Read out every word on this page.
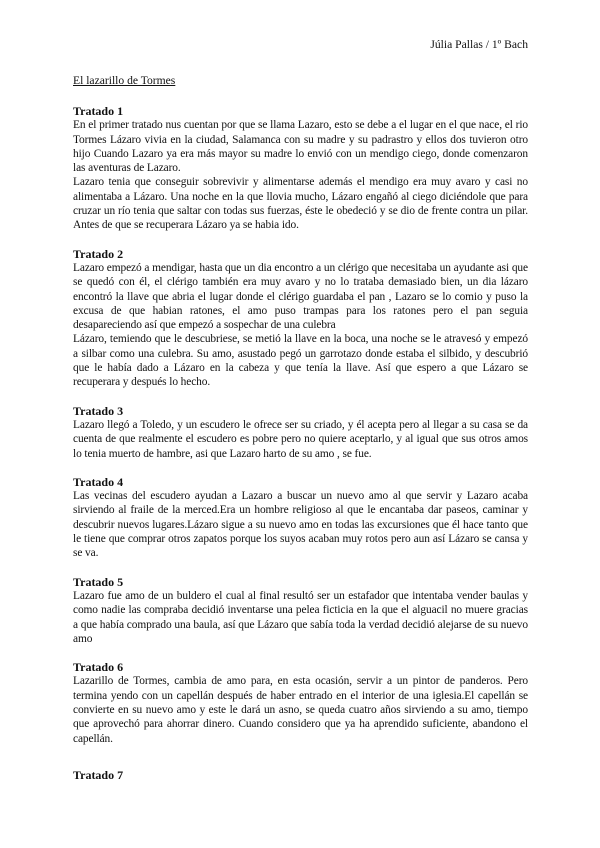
Júlia Pallas / 1º Bach
El lazarillo de Tormes
Tratado 1

En el primer tratado nus cuentan por que se llama Lazaro, esto se debe a el lugar en el que nace, el rio Tormes Lázaro vivia en la ciudad, Salamanca con su madre y su padrastro y ellos dos tuvieron otro hijo Cuando Lazaro ya era más mayor su madre lo envió con un mendigo ciego, donde comenzaron las aventuras de Lazaro.

Lazaro tenia que conseguir sobrevivir y alimentarse además el mendigo era muy avaro y casi no alimentaba a Lázaro. Una noche en la que llovia mucho, Lázaro engañó al ciego diciéndole que para cruzar un río tenia que saltar con todas sus fuerzas, éste le obedeció y se dio de frente contra un pilar. Antes de que se recuperara Lázaro ya se habia ido.

Tratado 2

Lazaro empezó a mendigar, hasta que un dia encontro a un clérigo que necesitaba un ayudante asi que se quedó con él, el clérigo también era muy avaro y no lo trataba demasiado bien, un dia lázaro encontró la llave que abria el lugar donde el clérigo guardaba el pan , Lazaro se lo comio y puso la excusa de que habian ratones, el amo puso trampas para los ratones pero el pan seguia desapareciendo así que empezó a sospechar de una culebra

Lázaro, temiendo que le descubriese, se metió la llave en la boca, una noche se le atravesó y empezó a silbar como una culebra. Su amo, asustado pegó un garrotazo donde estaba el silbido, y descubrió que le había dado a Lázaro en la cabeza y que tenía la llave. Así que espero a que Lázaro se recuperara y después lo hecho.

Tratado 3

Lazaro llegó a Toledo, y un escudero le ofrece ser su criado, y él acepta pero al llegar a su casa se da cuenta de que realmente el escudero es pobre pero no quiere aceptarlo, y al igual que sus otros amos lo tenia muerto de hambre, asi que Lazaro harto de su amo , se fue.

Tratado 4

Las vecinas del escudero ayudan a Lazaro a buscar un nuevo amo al que servir y Lazaro acaba sirviendo al fraile de la merced.Era un hombre religioso al que le encantaba dar paseos, caminar y descubrir nuevos lugares.Lázaro sigue a su nuevo amo en todas las excursiones que él hace tanto que le tiene que comprar otros zapatos porque los suyos acaban muy rotos pero aun así Lázaro se cansa y se va.

Tratado 5

Lazaro fue amo de un buldero el cual al final resultó ser un estafador que intentaba vender baulas y como nadie las compraba decidió inventarse una pelea ficticia en la que el alguacil no muere gracias a que había comprado una baula, así que Lázaro que sabía toda la verdad decidió alejarse de su nuevo amo

Tratado 6

Lazarillo de Tormes, cambia de amo para, en esta ocasión, servir a un pintor de panderos. Pero termina yendo con un capellán después de haber entrado en el interior de una iglesia.El capellán se convierte en su nuevo amo y este le dará un asno, se queda cuatro años sirviendo a su amo, tiempo que aprovechó para ahorrar dinero. Cuando considero que ya ha aprendido suficiente, abandono el capellán.

Tratado 7
